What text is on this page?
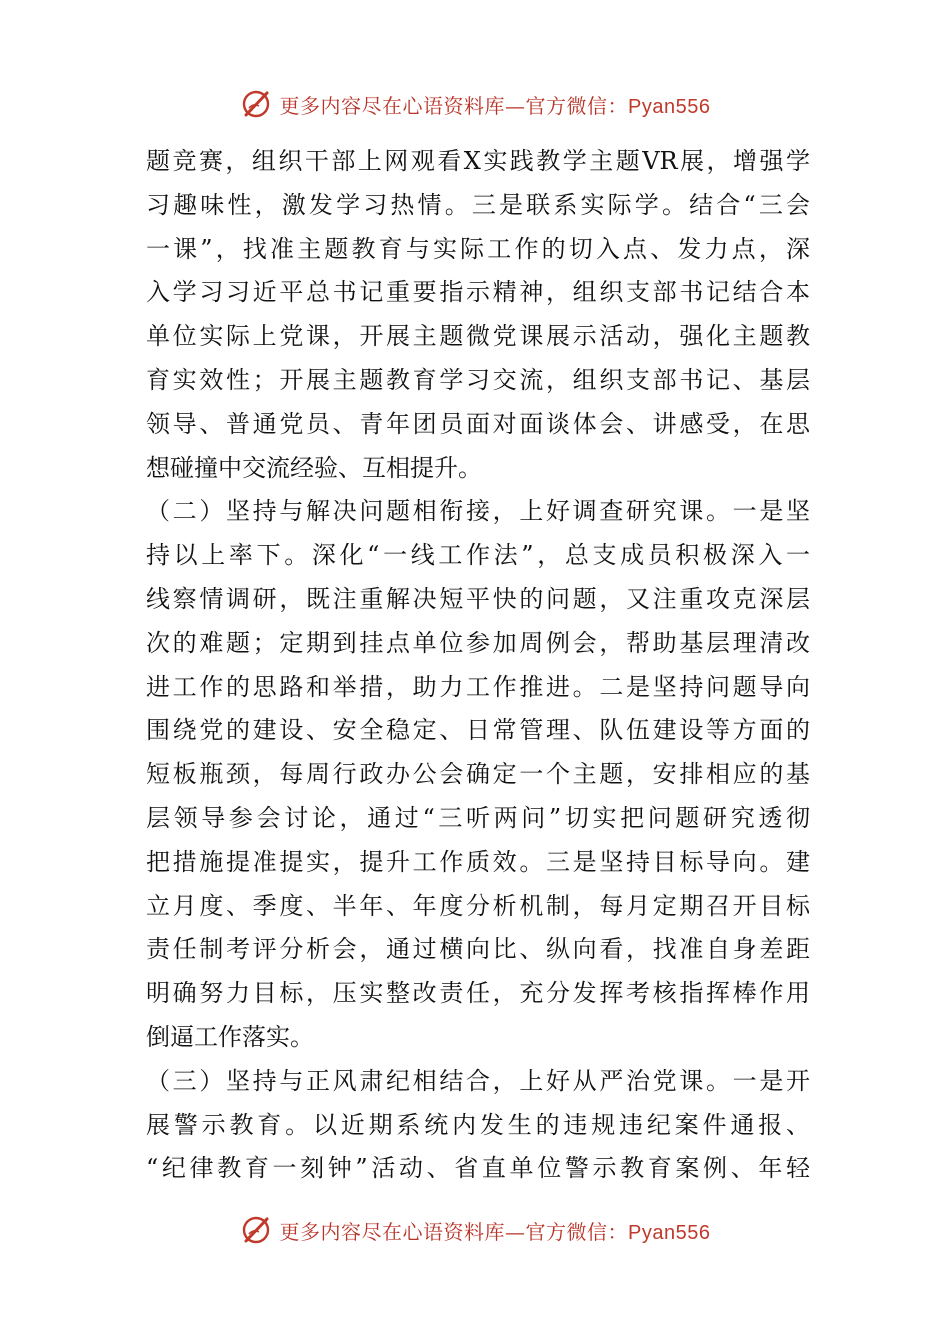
更多内容尽在心语资料库—官方微信：Pyan556
题竞赛，组织干部上网观看X实践教学主题VR展，增强学
习趣味性，激发学习热情。三是联系实际学。结合“三会
一课”，找准主题教育与实际工作的切入点、发力点，深
入学习习近平总书记重要指示精神，组织支部书记结合本
单位实际上党课，开展主题微党课展示活动，强化主题教
育实效性；开展主题教育学习交流，组织支部书记、基层
领导、普通党员、青年团员面对面谈体会、讲感受，在思
想碰撞中交流经验、互相提升。
（二）坚持与解决问题相衔接，上好调查研究课。一是坚
持以上率下。深化“一线工作法”，总支成员积极深入一
线察情调研，既注重解决短平快的问题，又注重攻克深层
次的难题；定期到挂点单位参加周例会，帮助基层理清改
进工作的思路和举措，助力工作推进。二是坚持问题导向
围绕党的建设、安全稳定、日常管理、队伍建设等方面的
短板瓶颈，每周行政办公会确定一个主题，安排相应的基
层领导参会讨论，通过“三听两问”切实把问题研究透彻
把措施提准提实，提升工作质效。三是坚持目标导向。建
立月度、季度、半年、年度分析机制，每月定期召开目标
责任制考评分析会，通过横向比、纵向看，找准自身差距
明确努力目标，压实整改责任，充分发挥考核指挥棒作用
倒逼工作落实。
（三）坚持与正风肃纪相结合，上好从严治党课。一是开
展警示教育。以近期系统内发生的违规违纪案件通报、
“纪律教育一刻钟”活动、省直单位警示教育案例、年轻
更多内容尽在心语资料库—官方微信：Pyan556
